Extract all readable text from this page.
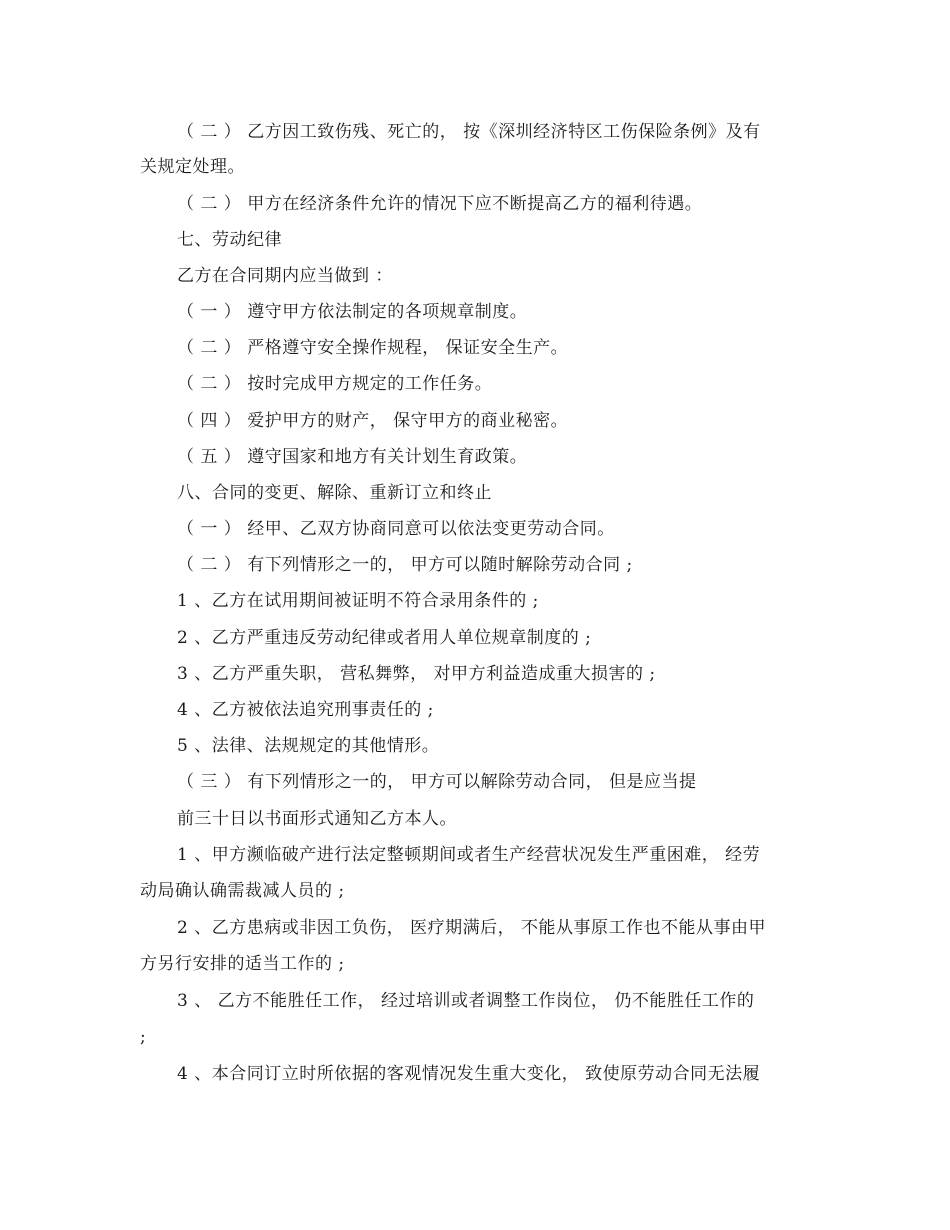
（ 二 ） 乙方因工致伤残、死亡的， 按《深圳经济特区工伤保险条例》及有
关规定处理。
（ 二 ） 甲方在经济条件允许的情况下应不断提高乙方的福利待遇。
七、劳动纪律
乙方在合同期内应当做到 ：
（ 一 ） 遵守甲方依法制定的各项规章制度。
（ 二 ） 严格遵守安全操作规程， 保证安全生产。
（ 二 ） 按时完成甲方规定的工作任务。
（ 四 ） 爱护甲方的财产， 保守甲方的商业秘密。
（ 五 ） 遵守国家和地方有关计划生育政策。
八、合同的变更、解除、重新订立和终止
（ 一 ） 经甲、乙双方协商同意可以依法变更劳动合同。
（ 二 ） 有下列情形之一的， 甲方可以随时解除劳动合同 ;
1 、乙方在试用期间被证明不符合录用条件的 ;
2 、乙方严重违反劳动纪律或者用人单位规章制度的 ;
3 、乙方严重失职， 营私舞弊， 对甲方利益造成重大损害的 ;
4 、乙方被依法追究刑事责任的 ;
5 、法律、法规规定的其他情形。
（ 三 ） 有下列情形之一的， 甲方可以解除劳动合同， 但是应当提
前三十日以书面形式通知乙方本人。
1 、甲方濒临破产进行法定整顿期间或者生产经营状况发生严重困难， 经劳
动局确认确需裁减人员的 ;
2 、乙方患病或非因工负伤， 医疗期满后， 不能从事原工作也不能从事由甲
方另行安排的适当工作的 ;
3 、 乙方不能胜任工作， 经过培训或者调整工作岗位， 仍不能胜任工作的
;
4 、本合同订立时所依据的客观情况发生重大变化， 致使原劳动合同无法履
